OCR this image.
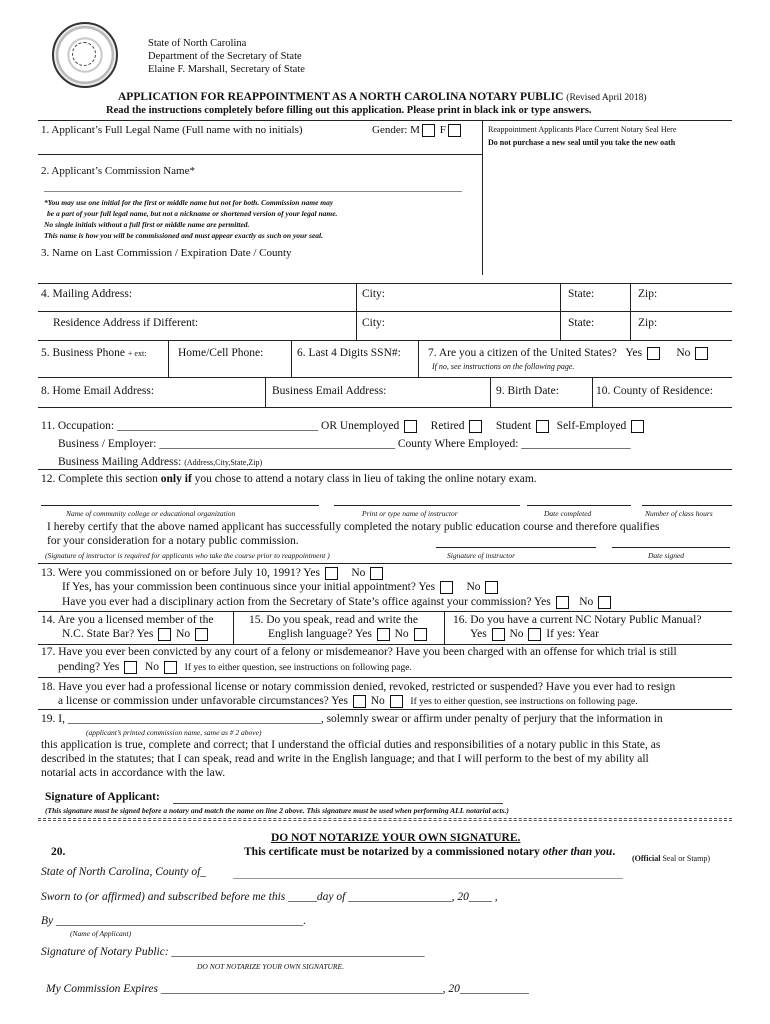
State of North Carolina
Department of the Secretary of State
Elaine F. Marshall, Secretary of State
APPLICATION FOR REAPPOINTMENT AS A NORTH CAROLINA NOTARY PUBLIC (Revised April 2018)
Read the instructions completely before filling out this application. Please print in black ink or type answers.
1. Applicant’s Full Legal Name (Full name with no initials)	Gender: M F	Reappointment Applicants Place Current Notary Seal Here
Do not purchase a new seal until you take the new oath
2. Applicant’s Commission Name*
*You may use one initial for the first or middle name but not for both. Commission name may
be a part of your full legal name, but not a nickname or shortened version of your legal name.
No single initials without a full first or middle name are permitted.
This name is how you will be commissioned and must appear exactly as such on your seal.
3. Name on Last Commission / Expiration Date / County
4. Mailing Address:	City:	State:	Zip:
Residence Address if Different:	City:	State:	Zip:
5. Business Phone + ext:	Home/Cell Phone:	6. Last 4 Digits SSN#: 7. Are you a citizen of the United States? Yes	No
If no, see instructions on the following page.
8. Home Email Address:	Business Email Address:	9. Birth Date:	10. County of Residence:
11. Occupation: ___________________________________ OR Unemployed	Retired	Student Self-Employed
Business / Employer: _________________________________________ County Where Employed: ___________________
Business Mailing Address: (Address,City,State,Zip)
12. Complete this section only if you chose to attend a notary class in lieu of taking the online notary exam.
Name of community college or educational organization	Print or type name of instructor	Date completed	Number of class hours
I hereby certify that the above named applicant has successfully completed the notary public education course and therefore qualifies
for your consideration for a notary public commission.
(Signature of instructor is required for applicants who take the course prior to reappointment )	Signature of instructor	Date signed
13. Were you commissioned on or before July 10, 1991? Yes	No
If Yes, has your commission been continuous since your initial appointment? Yes	No
Have you ever had a disciplinary action from the Secretary of State’s office against your commission? Yes No
14. Are you a licensed member of the
N.C. State Bar? Yes No
15. Do you speak, read and write the
English language? Yes No
16. Do you have a current NC Notary Public Manual?
Yes No If yes: Year
17. Have you ever been convicted by any court of a felony or misdemeanor? Have you been charged with an offense for which trial is still
pending? Yes No	If yes to either question, see instructions on following page.
18. Have you ever had a professional license or notary commission denied, revoked, restricted or suspended? Have you ever had to resign
a license or commission under unfavorable circumstances? Yes No	If yes to either question, see instructions on following page.
19. I, ____________________________________________, solemnly swear or affirm under penalty of perjury that the information in
(applicant’s printed commission name, same as # 2 above)
this application is true, complete and correct; that I understand the official duties and responsibilities of a notary public in this State, as
described in the statutes; that I can speak, read and write in the English language; and that I will perform to the best of my ability all
notarial acts in accordance with the law.
Signature of Applicant:
(This signature must be signed before a notary and match the name on line 2 above. This signature must be used when performing ALL notarial acts.)
DO NOT NOTARIZE YOUR OWN SIGNATURE.
20.	This certificate must be notarized by a commissioned notary other than you.
(Official Seal or Stamp)
State of North Carolina, County of_
Sworn to (or affirmed) and subscribed before me this _____day of __________________, 20____ ,
By ___________________________________________.
(Name of Applicant)
Signature of Notary Public: ____________________________________________
DO NOT NOTARIZE YOUR OWN SIGNATURE.
My Commission Expires _________________________________________________, 20____________
